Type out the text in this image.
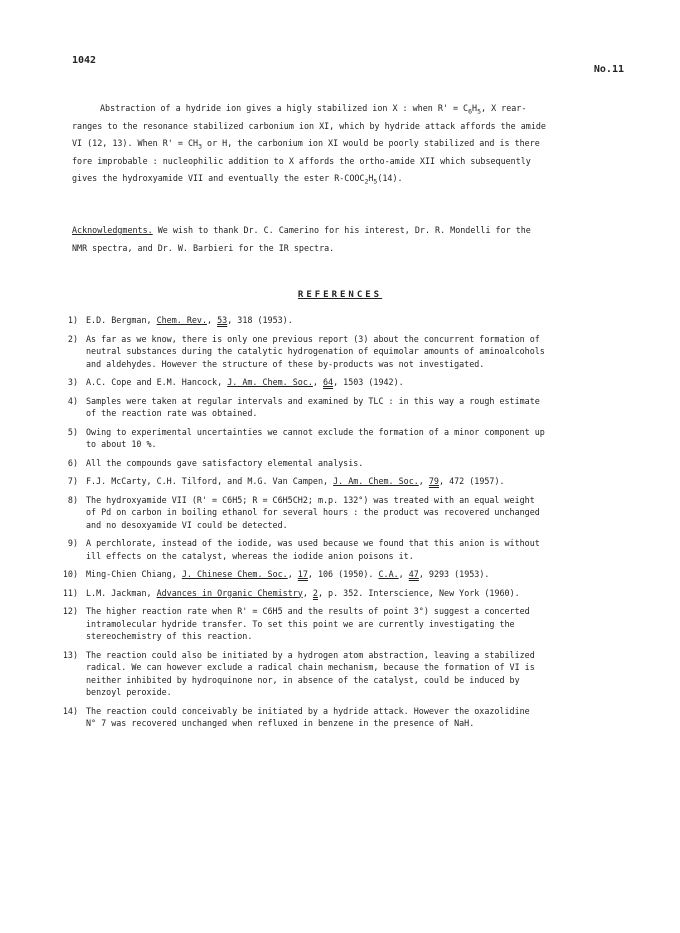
1042
No.11

Abstraction of a hydride ion gives a higly stabilized ion X : when $R' = C_6H_5$, X rear-

ranges to the resonance stabilized carbonium ion XI, which by hydride attack affords the amide

VI (12, 13). When $R' = CH_3$ or H, the carbonium ion XI would be poorly stabilized and is there

fore improbable : nucleophilic addition to X affords the ortho-amide XII which subsequently

gives the hydroxyamide VII and eventually the ester $R-COOC_2H_5(14)$.

Acknowledgments. We wish to thank Dr. C. Camerino for his interest, Dr. R. Mondelli for the

NMR spectra, and Dr. W. Barbieri for the IR spectra.

REFERENCES
1) E.D. Bergman, Chem. Rev., 53, 318 (1953).
2) As far as we know, there is only one previous report (3) about the concurrent formation of
neutral substances during the catalytic hydrogenation of equimolar amounts of aminoalcohols
and aldehydes. However the structure of these by-products was not investigated.
3) A.C. Cope and E.M. Hancock, J. Am. Chem. Soc., 64, 1503 (1942).
4) Samples were taken at regular intervals and examined by TLC : in this way a rough estimate
of the reaction rate was obtained.
5) Owing to experimental uncertainties we cannot exclude the formation of a minor component up
to about 10 %.
6) All the compounds gave satisfactory elemental analysis.
7) F.J. McCarty, C.H. Tilford, and M.G. Van Campen, J. Am. Chem. Soc., 79, 472 (1957).
8) The hydroxyamide VII (R' = C6H5; R = C6H5CH2; m.p. 132°) was treated with an equal weight
of Pd on carbon in boiling ethanol for several hours : the product was recovered unchanged
and no desoxyamide VI could be detected.
9) A perchlorate, instead of the iodide, was used because we found that this anion is without
ill effects on the catalyst, whereas the iodide anion poisons it.
10) Ming-Chien Chiang, J. Chinese Chem. Soc., 17, 106 (1950). C.A., 47, 9293 (1953).
11) L.M. Jackman, Advances in Organic Chemistry, 2, p. 352. Interscience, New York (1960).
12) The higher reaction rate when R' = C6H5 and the results of point 3°) suggest a concerted
intramolecular hydride transfer. To set this point we are currently investigating the
stereochemistry of this reaction.
13) The reaction could also be initiated by a hydrogen atom abstraction, leaving a stabilized
radical. We can however exclude a radical chain mechanism, because the formation of VI is
neither inhibited by hydroquinone nor, in absence of the catalyst, could be induced by
benzoyl peroxide.
14) The reaction could conceivably be initiated by a hydride attack. However the oxazolidine
N° 7 was recovered unchanged when refluxed in benzene in the presence of NaH.
